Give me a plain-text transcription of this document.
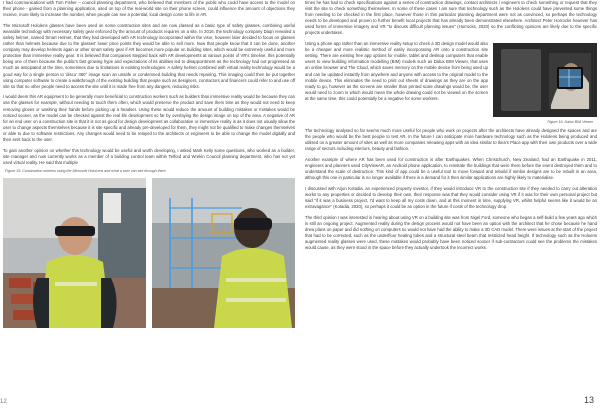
I had communications with Tom Fisher – council planning department, who believed that members of the public who could have access to the model on their phone - gained from a planning application, used on top of the real-world site on their phone screen, could influence the amount of objections they receive, more likely to increase the number, when people can see a potential, local design come to life in AR.

The Microsoft Hololens glasses have been used on some construction sites and are now classed as a basic type of safety glasses, combining useful wearable technology with necessary safety gear enforced by the amount of products requires on a site. In 2016, the technology company Daqri revealed a safety helmet, named Smart Helmet, that they had developed with AR technology incorporated within the visor, however later decided to focus on glasses rather than helmets because due to the glasses' lower price points they would be able to sell more. Now that people know that it can be done, another company may develop helmets again or other smart safety gear if AR becomes more popular on building sites, which would be extremely useful and more protective than immersive reality gear. It is believed that companies stepped back with AR developments at various points of VR's timeline, this potentially being one of them because the public's fast growing hype and expectations of its abilities led to disappointment as the technology had not progressed as much as anticipated at the time, sometimes due to limitations in existing technologies. A safety helmet combined with virtual reality technology would be a good way for a single person to 'disco' 360° image scan an unsafe or condemned building that needs repairing. This imaging could then be put together using computer software to create a walkthrough of the existing building that people such as designers, contractors and financers could refer to and use off site so that no other people need to access the site until it is made free from any dangers, reducing risks.

I would deem this AR equipment to be generally more beneficial to construction workers such as builders than immersive reality would be because they can use the glasses for example, without needing to touch them often, which would preserve the product and save them time as they would not need to keep removing gloves or washing their hands before picking up a headset. Using these would reduce the amount of building mistakes or mistakes would be noticed sooner, as the model can be checked against the real life development so far by overlaying the design image on top of the area. A negative of AR for an end user on a construction site is that it is not as good for design development as collaborative or immersive reality is as it does not usually allow the user to change aspects themselves because it is site specific and already pre-developed for them, they might not be qualified to make changes themselves or able to due to software restrictions. Any changes would need to be relayed to the architects or engineers to be able to change the model digitally and then sent back to the user.

To gain another opinion on whether this technology would be useful and worth developing, I asked Mark Kelly some questions, who worked as a builder, site manager and now currently works as a member of a building control team within Telford and Wrekin Council planning department, who has not yet used virtual reality. He said that multiple

Figure 15: Construction workers using the Microsoft HoloLens and what a user can see through them

times he has had to check specifications against a series of construction drawings, contact architects / engineers to check something or request that they visit the site to check something themselves. In some of these cases I am sure that technology such as the Hololens could have prevented some things from needing to be checked in the first place, however those in this particular planning department were not as convinced, so perhaps the technology needs to be developed and proven to further benefit local projects that has already been demonstrated elsewhere. Architect Peter Horrocks however has used forms of immersive imagery and VR "to discuss difficult planning issues" (Horrocks, 2020) so the conflicting opinions are likely due to the specific projects undertaken.

Using a phone app rather than an immersive reality setup to check a 3D design model would also be a cheaper and more realistic method of easily incorporating AR onto a construction site setting. There are existing free app options for mobile, tablet and desktop computers that enable users to view building information modelling (BIM) models such as Dalux BIM Viewer, that uses an online browser and The Cloud, which saves memory on the mobile device from being used up and can be updated instantly from anywhere and anyone with access to the original model to the mobile device. This eliminates the need to print out sheets of drawings as they are on the app ready to go, however as the screens are smaller than printed scale drawings would be, the user would need to zoom in which would mean the whole drawing could not be viewed on the screen at the same time, this could potentially be a negative for some workers.

Figure 16: Dalux BIM Viewer

The technology analysed so far seems much more useful for people who work on projects after the architects have already designed the spaces and are the people who would be the best people to test AR. In the future I can anticipate more hardware technology such as the Hololens being produced and utilised on a greater amount of sites as well as more companies releasing apps with an idea similar to Ikea's Place app with their own products over a wide range of sectors including interiors, beauty and fashion.

Another example of where AR has been used for construction is after Earthquakes. When Christchurch, New Zealand, had an Earthquake in 2011, engineers and planners used CityViewAR, an Android phone application, to reinstate the buildings that were there before the event destroyed them and to understand the scale of destruction. This kind of app could be a useful tool to move forward and rebuild if similar designs are to be rebuilt in an area, although this one in particular is no longer available if there is a demand for it then similar applications are highly likely to materialise.

I discussed with Arjun Kotadia, an experienced property investor, if they would introduce VR to the construction site if they needed to carry out alteration works to any properties or decided to develop their own, their response was that they would consider using VR if it was for their own personal project but said "if it was a business project, I'd want to keep all my costs down, and at this moment in time, supplying VR, whilst helpful seems like it would be an extravagance" (Kotadia, 2020), so perhaps it could be an option in the future if costs of the technology drop.

The third opinion I was interested in hearing about using VR on a building site was from Nigel Ford, someone who began a self-build a few years ago which is still an ongoing project. Augmented reality during the design process would not have been an option with the architect that he chose because he hand drew plans on paper and did nothing on computers so would not have had the ability to make a 3D CAD model. There were issues at the start of the project that had to be corrected, such as the underfloor heating tubes and a structural steel beam that restricted head height. If technology such as the Holoens augmented reality glasses were used, these mistakes would probably have been noticed sooner if sub-contractors could see the problems the mistakes would cause, as they were stood in the space before they actually undertook the incorrect works.

12	13
